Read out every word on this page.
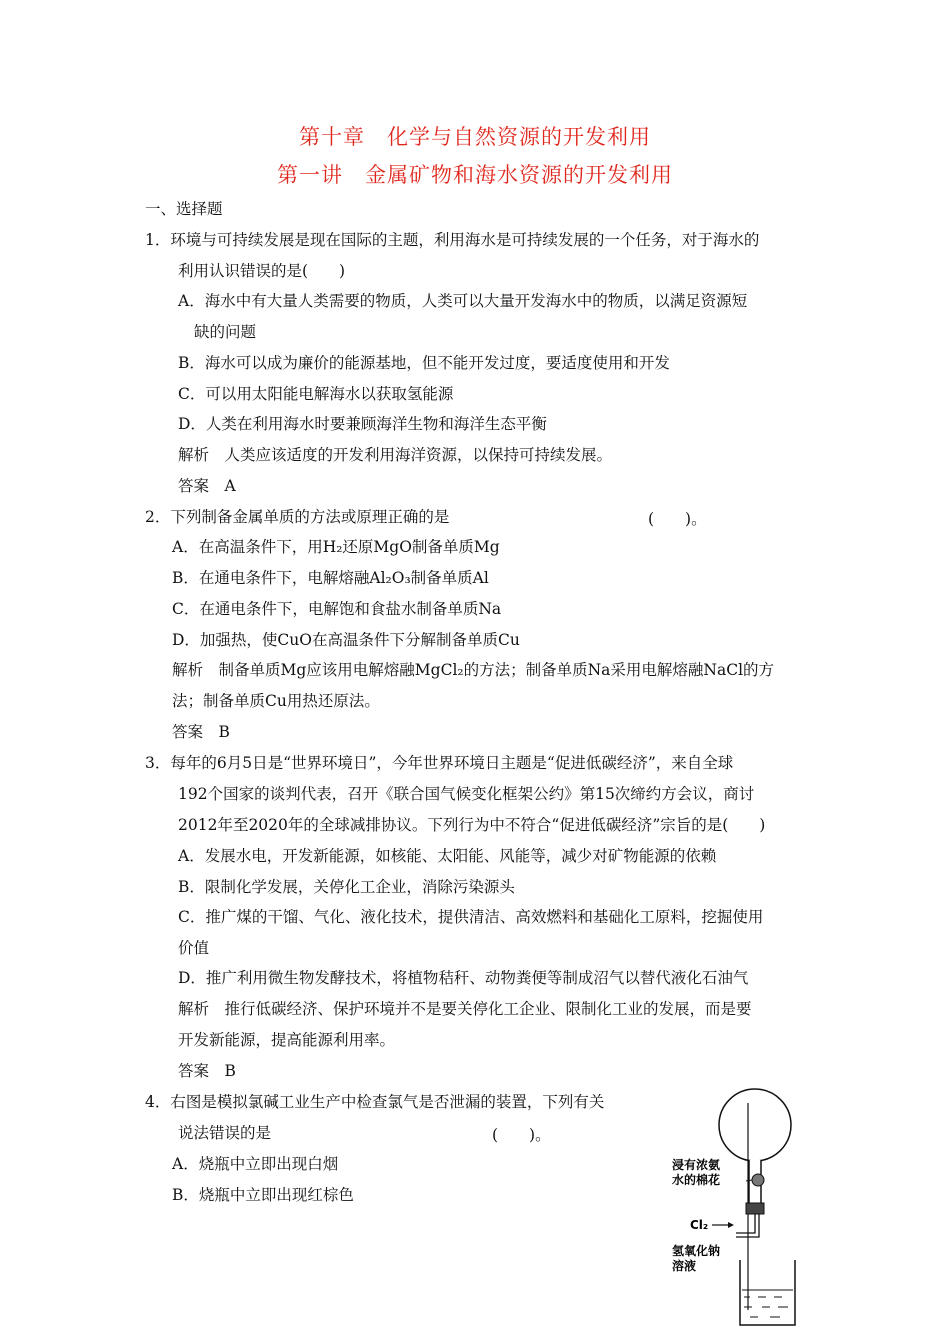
第十章　化学与自然资源的开发利用
第一讲　金属矿物和海水资源的开发利用
一、选择题
1．环境与可持续发展是现在国际的主题，利用海水是可持续发展的一个任务，对于海水的
利用认识错误的是(　　)
A．海水中有大量人类需要的物质，人类可以大量开发海水中的物质，以满足资源短
缺的问题
B．海水可以成为廉价的能源基地，但不能开发过度，要适度使用和开发
C．可以用太阳能电解海水以获取氢能源
D．人类在利用海水时要兼顾海洋生物和海洋生态平衡
解析　人类应该适度的开发利用海洋资源，以保持可持续发展。
答案　A
2．下列制备金属单质的方法或原理正确的是	(　　)。
A．在高温条件下，用H₂还原MgO制备单质Mg
B．在通电条件下，电解熔融Al₂O₃制备单质Al
C．在通电条件下，电解饱和食盐水制备单质Na
D．加强热，使CuO在高温条件下分解制备单质Cu
解析　制备单质Mg应该用电解熔融MgCl₂的方法；制备单质Na采用电解熔融NaCl的方
法；制备单质Cu用热还原法。
答案　B
3．每年的6月5日是“世界环境日”，今年世界环境日主题是“促进低碳经济”，来自全球
192个国家的谈判代表，召开《联合国气候变化框架公约》第15次缔约方会议，商讨
2012年至2020年的全球减排协议。下列行为中不符合“促进低碳经济”宗旨的是(　　)
A．发展水电，开发新能源，如核能、太阳能、风能等，减少对矿物能源的依赖
B．限制化学发展，关停化工企业，消除污染源头
C．推广煤的干馏、气化、液化技术，提供清洁、高效燃料和基础化工原料，挖掘使用
价值
D．推广利用微生物发酵技术，将植物秸秆、动物粪便等制成沼气以替代液化石油气
解析　推行低碳经济、保护环境并不是要关停化工企业、限制化工业的发展，而是要
开发新能源，提高能源利用率。
答案　B
4．右图是模拟氯碱工业生产中检查氯气是否泄漏的装置，下列有关
说法错误的是	(　　)。
A．烧瓶中立即出现白烟
B．烧瓶中立即出现红棕色
浸有浓氨
水的棉花
Cl₂
氢氧化钠
溶液
